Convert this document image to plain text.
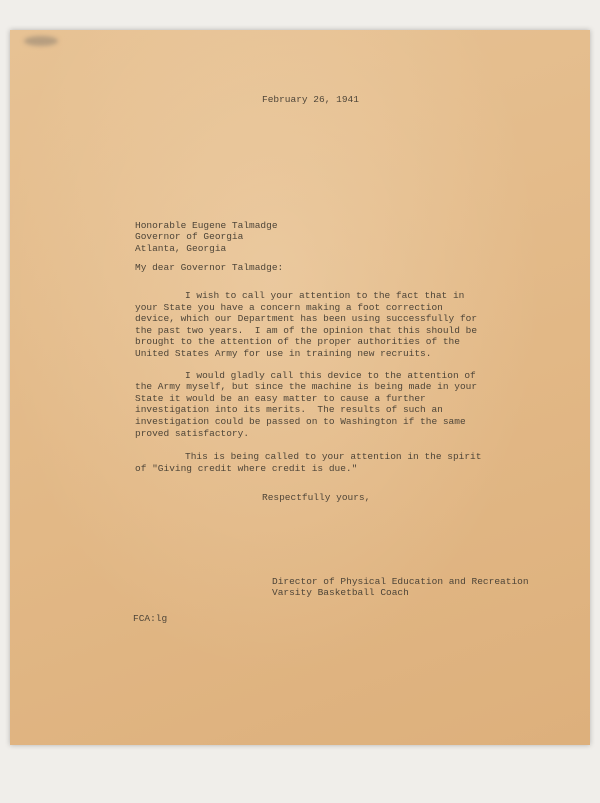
February 26, 1941
Honorable Eugene Talmadge
Governor of Georgia
Atlanta, Georgia
My dear Governor Talmadge:

I wish to call your attention to the fact that in your State you have a concern making a foot correction device, which our Department has been using successfully for the past two years.  I am of the opinion that this should be brought to the attention of the proper authorities of the United States Army for use in training new recruits.

I would gladly call this device to the attention of the Army myself, but since the machine is being made in your State it would be an easy matter to cause a further investigation into its merits.  The results of such an investigation could be passed on to Washington if the same proved satisfactory.

This is being called to your attention in the spirit of "Giving credit where credit is due."

Respectfully yours,
Director of Physical Education and Recreation
Varsity Basketball Coach
FCA:lg
